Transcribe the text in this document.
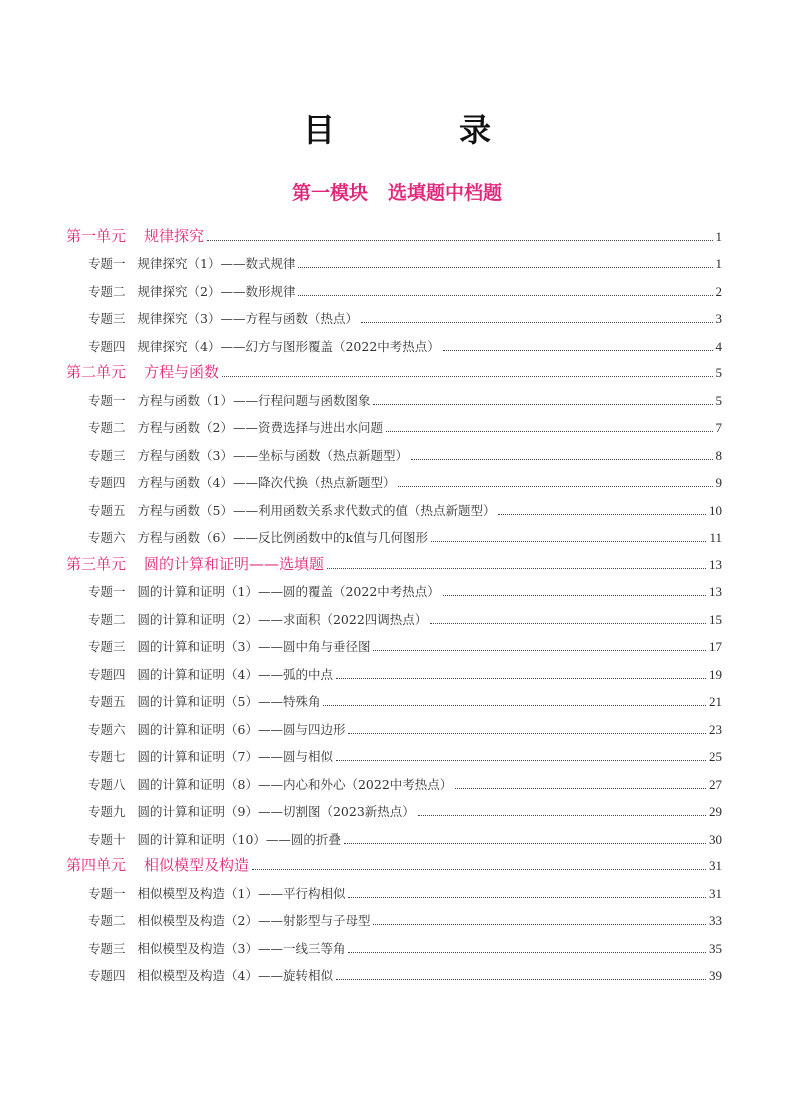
目　录
第一模块 选填题中档题
第一单元 规律探究	1
专题一 规律探究（1）——数式规律	1
专题二 规律探究（2）——数形规律	2
专题三 规律探究（3）——方程与函数（热点）	3
专题四 规律探究（4）——幻方与图形覆盖（2022中考热点）	4
第二单元 方程与函数	5
专题一 方程与函数（1）——行程问题与函数图象	5
专题二 方程与函数（2）——资费选择与进出水问题	7
专题三 方程与函数（3）——坐标与函数（热点新题型）	8
专题四 方程与函数（4）——降次代换（热点新题型）	9
专题五 方程与函数（5）——利用函数关系求代数式的值（热点新题型）	10
专题六 方程与函数（6）——反比例函数中的k值与几何图形	11
第三单元 圆的计算和证明——选填题	13
专题一 圆的计算和证明（1）——圆的覆盖（2022中考热点）	13
专题二 圆的计算和证明（2）——求面积（2022四调热点）	15
专题三 圆的计算和证明（3）——圆中角与垂径图	17
专题四 圆的计算和证明（4）——弧的中点	19
专题五 圆的计算和证明（5）——特殊角	21
专题六 圆的计算和证明（6）——圆与四边形	23
专题七 圆的计算和证明（7）——圆与相似	25
专题八 圆的计算和证明（8）——内心和外心（2022中考热点）	27
专题九 圆的计算和证明（9）——切割图（2023新热点）	29
专题十 圆的计算和证明（10）——圆的折叠	30
第四单元 相似模型及构造	31
专题一 相似模型及构造（1）——平行构相似	31
专题二 相似模型及构造（2）——射影型与子母型	33
专题三 相似模型及构造（3）——一线三等角	35
专题四 相似模型及构造（4）——旋转相似	39
